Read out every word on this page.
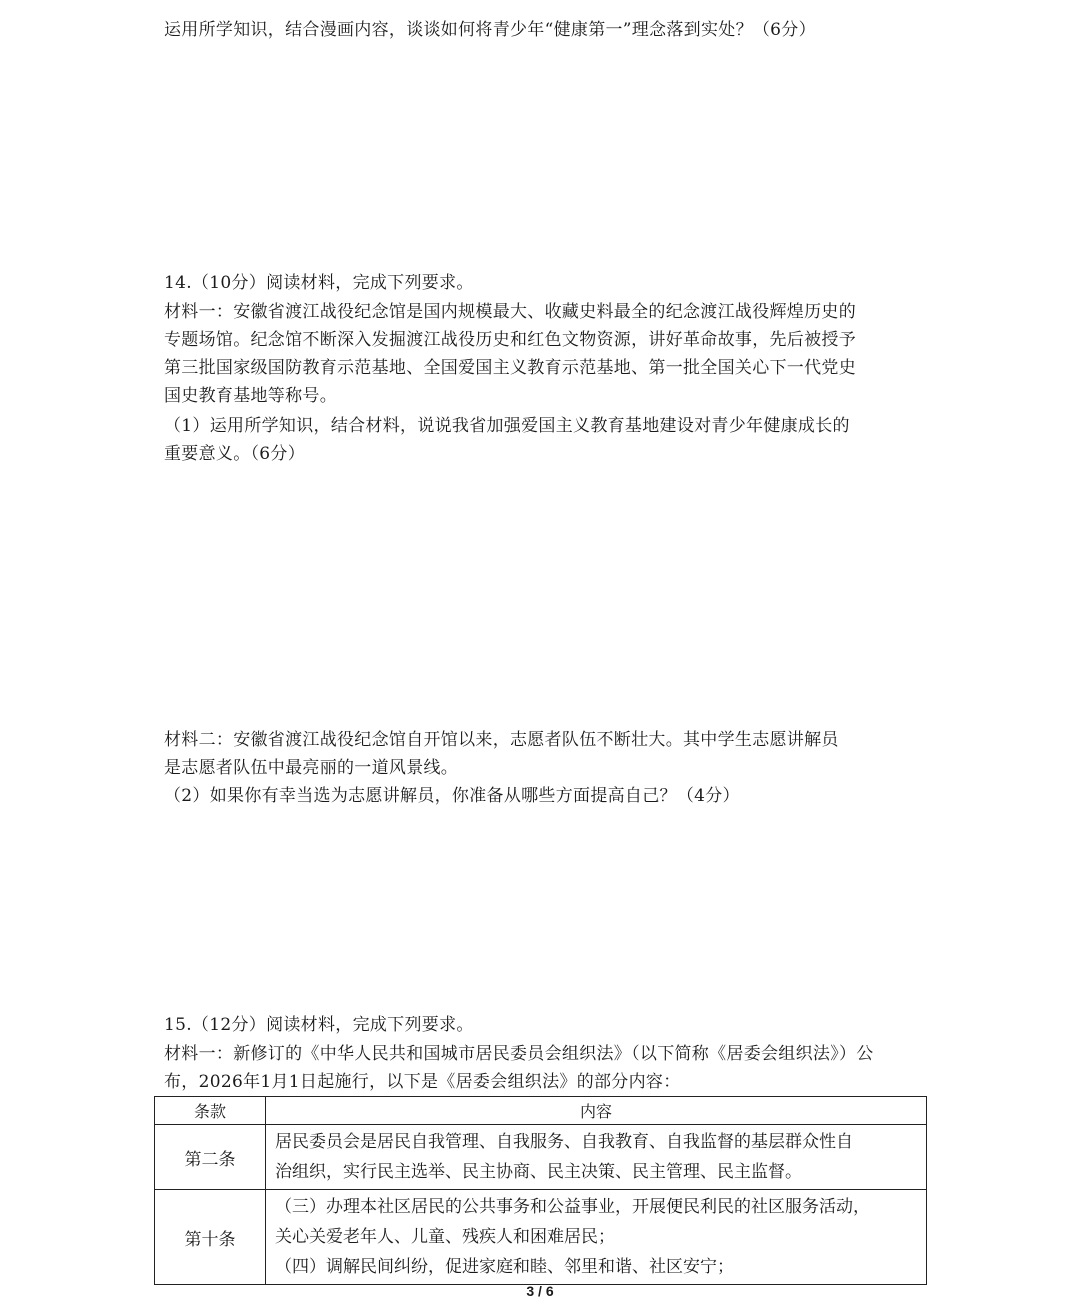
运用所学知识，结合漫画内容，谈谈如何将青少年“健康第一”理念落到实处？（6分）
14.（10分）阅读材料，完成下列要求。
材料一：安徽省渡江战役纪念馆是国内规模最大、收藏史料最全的纪念渡江战役辉煌历史的
专题场馆。纪念馆不断深入发掘渡江战役历史和红色文物资源，讲好革命故事，先后被授予
第三批国家级国防教育示范基地、全国爱国主义教育示范基地、第一批全国关心下一代党史
国史教育基地等称号。
（1）运用所学知识，结合材料，说说我省加强爱国主义教育基地建设对青少年健康成长的
重要意义。（6分）
材料二：安徽省渡江战役纪念馆自开馆以来，志愿者队伍不断壮大。其中学生志愿讲解员
是志愿者队伍中最亮丽的一道风景线。
（2）如果你有幸当选为志愿讲解员，你准备从哪些方面提高自己？（4分）
15.（12分）阅读材料，完成下列要求。
材料一：新修订的《中华人民共和国城市居民委员会组织法》（以下简称《居委会组织法》）公
布，2026年1月1日起施行，以下是《居委会组织法》的部分内容：
条款	内容
第二条	居民委员会是居民自我管理、自我服务、自我教育、自我监督的基层群众性自
治组织，实行民主选举、民主协商、民主决策、民主管理、民主监督。

第十条	（三）办理本社区居民的公共事务和公益事业，开展便民利民的社区服务活动，
关心关爱老年人、儿童、残疾人和困难居民；
（四）调解民间纠纷，促进家庭和睦、邻里和谐、社区安宁；
3 / 6
